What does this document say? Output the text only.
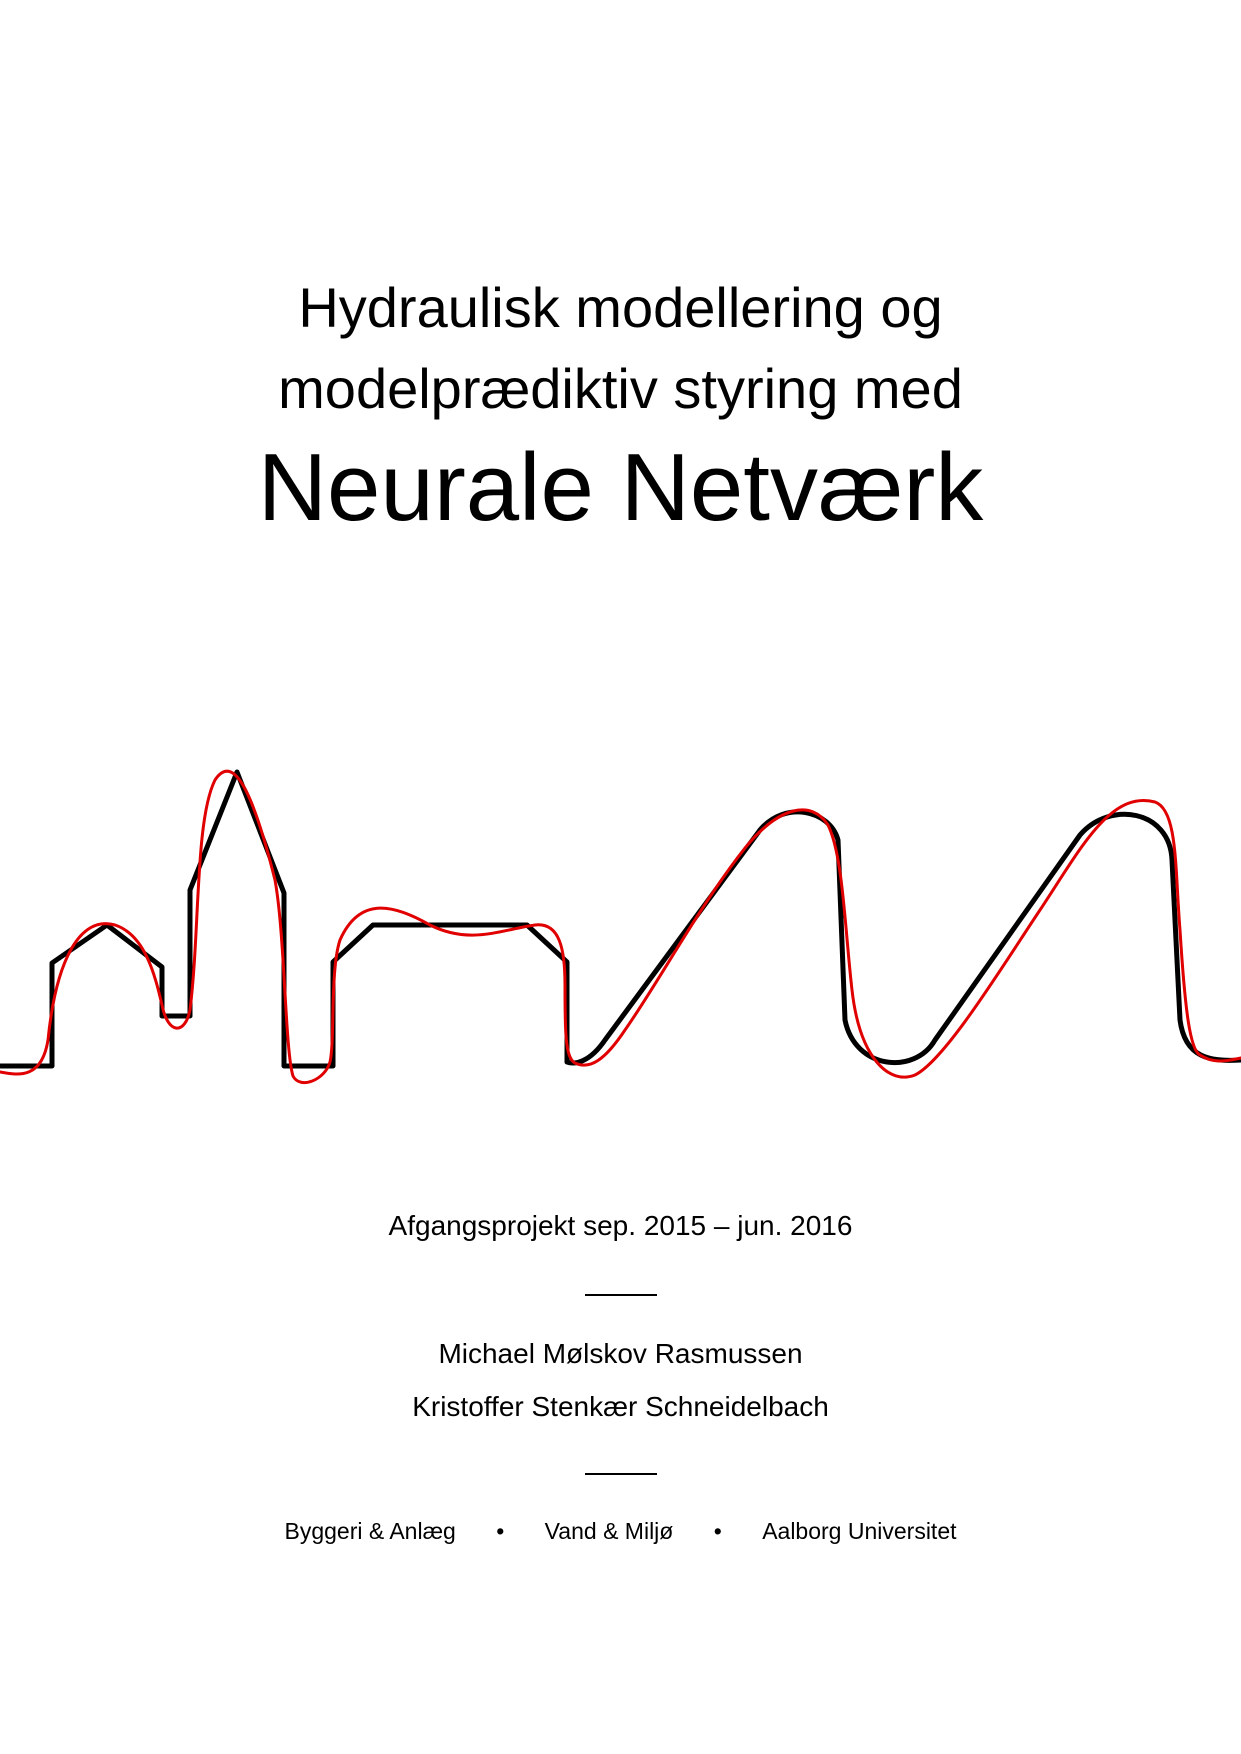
Hydraulisk modellering og
modelprædiktiv styring med
Neurale Netværk
Afgangsprojekt sep. 2015 – jun. 2016
Michael Mølskov Rasmussen
Kristoffer Stenkær Schneidelbach
Byggeri & Anlæg • Vand & Miljø • Aalborg Universitet
